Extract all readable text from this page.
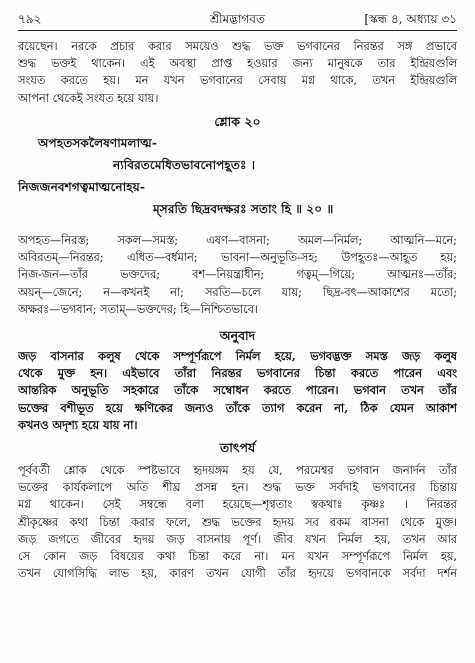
৭৯২	শ্রীমদ্ভাগবত	[স্কন্ধ ৪, অধ্যায় ৩১
রয়েছেন। নরকে প্রচার করার সময়েও শুদ্ধ ভক্ত ভগবানের নিরন্তর সঙ্গ প্রভাবে
শুদ্ধ ভক্তই থাকেন। এই অবস্থা প্রাপ্ত হওয়ার জন্য মানুষকে তার ইন্দ্রিয়গুলি
সংযত করতে হয়। মন যখন ভগবানের সেবায় মগ্ন থাকে, তখন ইন্দ্রিয়গুলি
আপনা থেকেই সংযত হয়ে যায়।
শ্লোক ২০
অপহতসকলৈষণামলাত্ম-
ন্যবিরতমেধিতভাবনোপহূতঃ ।
নিজজনবশগত্বমাত্মনোহয়-
ম্‌সরতি ছিদ্রবদক্ষরঃ সতাং হি ॥ ২০ ॥
অপহত—নিরস্ত; সকল—সমস্ত; এষণ—বাসনা; অমল—নির্মল; আত্মনি—মনে;
অবিরতম্‌—নিরন্তর; এধিত—বর্ধমান; ভাবনা—অনুভূতি-সহ; উপহূতঃ—আহূত হয়;
নিজ-জন—তাঁর ভক্তদের; বশ—নিয়ন্ত্রাধীন; গত্বম্‌—গিয়ে; আত্মনঃ—তাঁর;
অয়ন্‌—জেনে; ন—কখনই না; সরতি—চলে যায়; ছিদ্র-বৎ—আকাশের মতো;
অক্ষরঃ—ভগবান; সতাম্‌—ভক্তদের; হি—নিশ্চিতভাবে।
অনুবাদ
জড় বাসনার কলুষ থেকে সম্পূর্ণরূপে নির্মল হয়ে, ভগবদ্ভক্ত সমস্ত জড় কলুষ
থেকে মুক্ত হন। এইভাবে তাঁরা নিরন্তর ভগবানের চিন্তা করতে পারেন এবং
আন্তরিক অনুভূতি সহকারে তাঁকে সম্বোধন করতে পারেন। ভগবান তখন তাঁর
ভক্তের বশীভূত হয়ে ক্ষণিকের জন্যও তাঁকে ত্যাগ করেন না, ঠিক যেমন আকাশ
কখনও অদৃশ্য হয়ে যায় না।
তাৎপর্য
পূর্ববর্তী শ্লোক থেকে স্পষ্টভাবে হৃদয়ঙ্গম হয় যে, পরমেশ্বর ভগবান জনার্দন তাঁর
ভক্তের কার্যকলাপে অতি শীঘ্র প্রসন্ন হন। শুদ্ধ ভক্ত সর্বদাই ভগবানের চিন্তায়
মগ্ন থাকেন। সেই সম্বন্ধে বলা হয়েছে—শৃণ্বতাং স্বকথাঃ কৃষ্ণঃ । নিরন্তর
শ্রীকৃষ্ণের কথা চিন্তা করার ফলে, শুদ্ধ ভক্তের হৃদয় সব রকম বাসনা থেকে মুক্ত।
জড় জগতে জীবের হৃদয় জড় বাসনায় পূর্ণ। জীব যখন নির্মল হয়, তখন আর
সে কোন জড় বিষয়ের কথা চিন্তা করে না। মন যখন সম্পূর্ণরূপে নির্মল হয়,
তখন যোগসিদ্ধি লাভ হয়, কারণ তখন যোগী তাঁর হৃদয়ে ভগবানকে সর্বদা দর্শন
